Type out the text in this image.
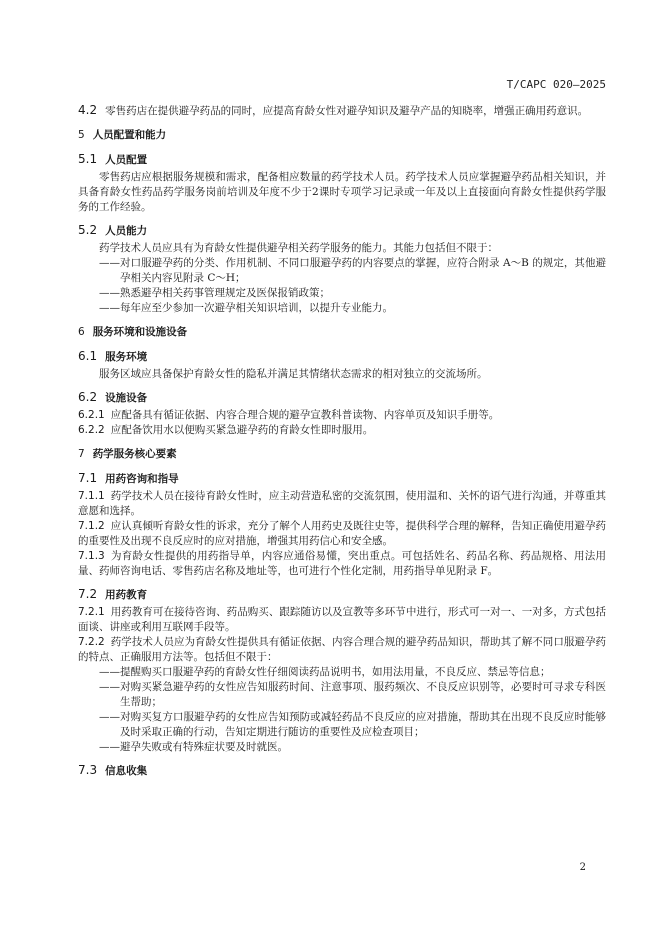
T/CAPC 020—2025

4.2 零售药店在提供避孕药品的同时，应提高育龄女性对避孕知识及避孕产品的知晓率，增强正确用药意识。

5 人员配置和能力
5.1 人员配置

零售药店应根据服务规模和需求，配备相应数量的药学技术人员。药学技术人员应掌握避孕药品相关知识，并具备育龄女性药品药学服务岗前培训及年度不少于2课时专项学习记录或一年及以上直接面向育龄女性提供药学服务的工作经验。

5.2 人员能力

药学技术人员应具有为育龄女性提供避孕相关药学服务的能力。其能力包括但不限于：

——对口服避孕药的分类、作用机制、不同口服避孕药的内容要点的掌握，应符合附录 A～B 的规定，其他避孕相关内容见附录 C～H；

——熟悉避孕相关药事管理规定及医保报销政策；

——每年应至少参加一次避孕相关知识培训，以提升专业能力。

6 服务环境和设施设备
6.1 服务环境

服务区域应具备保护育龄女性的隐私并满足其情绪状态需求的相对独立的交流场所。

6.2 设施设备

6.2.1 应配备具有循证依据、内容合理合规的避孕宣教科普读物、内容单页及知识手册等。

6.2.2 应配备饮用水以便购买紧急避孕药的育龄女性即时服用。

7 药学服务核心要素
7.1 用药咨询和指导

7.1.1 药学技术人员在接待育龄女性时，应主动营造私密的交流氛围，使用温和、关怀的语气进行沟通，并尊重其意愿和选择。

7.1.2 应认真倾听育龄女性的诉求，充分了解个人用药史及既往史等，提供科学合理的解释，告知正确使用避孕药的重要性及出现不良反应时的应对措施，增强其用药信心和安全感。

7.1.3 为育龄女性提供的用药指导单，内容应通俗易懂，突出重点。可包括姓名、药品名称、药品规格、用法用量、药师咨询电话、零售药店名称及地址等，也可进行个性化定制，用药指导单见附录 F。

7.2 用药教育

7.2.1 用药教育可在接待咨询、药品购买、跟踪随访以及宣教等多环节中进行，形式可一对一、一对多，方式包括面谈、讲座或利用互联网手段等。

7.2.2 药学技术人员应为育龄女性提供具有循证依据、内容合理合规的避孕药品知识，帮助其了解不同口服避孕药的特点、正确服用方法等。包括但不限于：

——提醒购买口服避孕药的育龄女性仔细阅读药品说明书，如用法用量，不良反应、禁忌等信息；

——对购买紧急避孕药的女性应告知服药时间、注意事项、服药频次、不良反应识别等，必要时可寻求专科医生帮助；

——对购买复方口服避孕药的女性应告知预防或减轻药品不良反应的应对措施，帮助其在出现不良反应时能够及时采取正确的行动，告知定期进行随访的重要性及应检查项目；

——避孕失败或有特殊症状要及时就医。

7.3 信息收集
2
